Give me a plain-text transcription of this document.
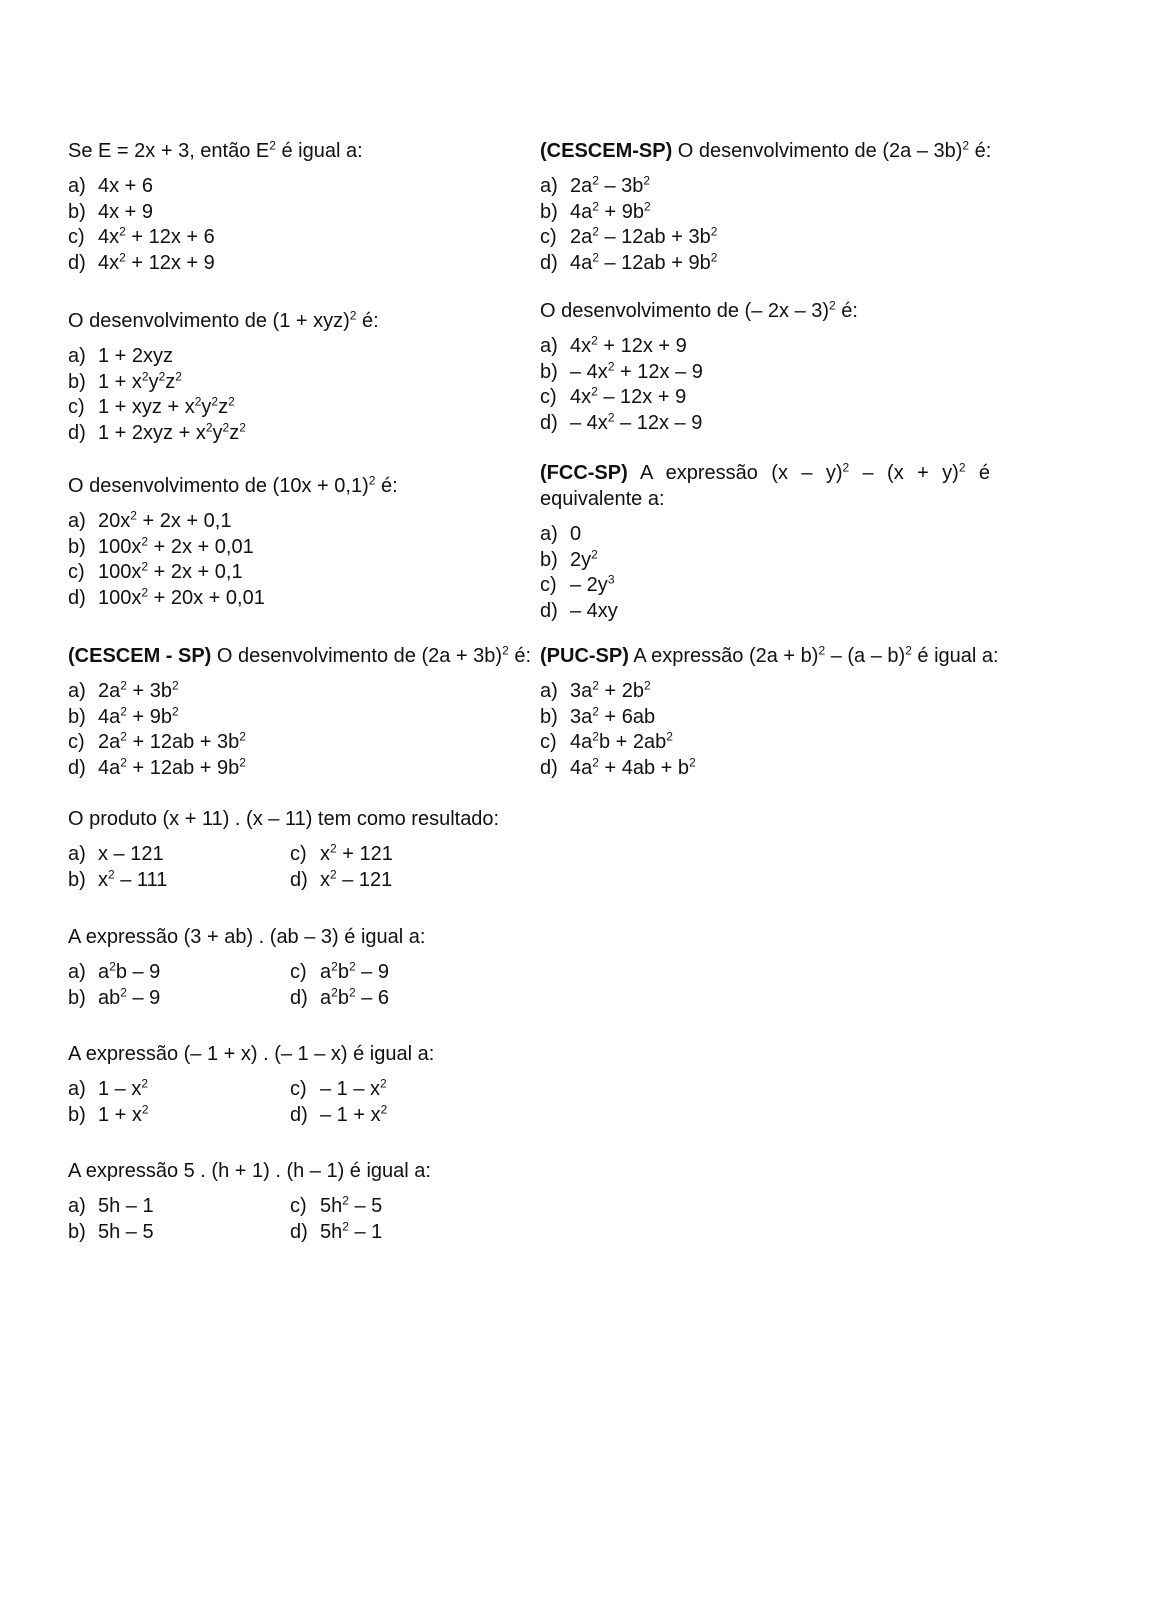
Se E = 2x + 3, então $E^2$ é igual a:
a) 4x + 6
b) 4x + 9
c) $4x^2 + 12x + 6$
d) $4x^2 + 12x + 9$
O desenvolvimento de (1 + xyz)$^2$ é:
a) 1 + 2xyz
b) $1 + x^2y^2z^2$
c) 1 + xyz + $x^2y^2z^2$
d) $1 + 2xyz + x^2y^2z^2$
O desenvolvimento de $(10x + 0,1)^2$ é:
a) $20x^2 + 2x + 0,1$
b) $100x^2 + 2x + 0,01$
c) $100x^2 + 2x + 0,1$
d) $100x^2 + 20x + 0,01$
(CESCEM - SP) O desenvolvimento de $(2a + 3b)^2$ é:
a) $2a^2 + 3b^2$
b) $4a^2 + 9b^2$
c) $2a^2 + 12ab + 3b^2$
d) $4a^2 + 12ab + 9b^2$
(CESCEM-SP) O desenvolvimento de (2a – 3b)$^2$ é:
a) $2a^2 - 3b^2$
b) $4a^2 + 9b^2$
c) $2a^2 - 12ab + 3b^2$
d) $4a^2 - 12ab + 9b^2$
O desenvolvimento de (– 2x – 3)$^2$ é:
a) $4x^2 + 12x + 9$
$b) - 4x^2 + 12x - 9$
c) $4x^2 - 12x + 9$
$d) - 4x^2 - 12x - 9$
(FCC-SP) A expressão $(x - y)^2 - (x + y)^2$ é equivalente a:
a) 0
b) $2y^2$
$c) - 2y^3$
d) – 4xy
(PUC-SP) A expressão $(2a + b)^2 - (a - b)^2$ é igual a:
a) $3a^2 + 2b^2$
b) $3a^2 + 6ab$
c) $4a^2b + 2ab^2$
d) $4a^2 + 4ab + b^2$
O produto (x + 11) . (x – 11) tem como resultado:
a) x – 121	c) $x^2 + 121$
b) $x^2 - 111$	d) $x^2 - 121$
A expressão (3 + ab) . (ab – 3) é igual a:
a) $a^2b - 9$	c) $a^2b^2 - 9$
b) $ab^2 - 9$	d) $a^2b^2 - 6$
A expressão (– 1 + x) . (– 1 – x) é igual a:
a) $1 - x^2$	$c) - 1 - x^2$
b) $1 + x^2$	$d) - 1 + x^2$
A expressão 5 . (h + 1) . (h – 1) é igual a:
a) 5h – 1	c) $5h^2 - 5$
b) 5h – 5	d) $5h^2 - 1$
